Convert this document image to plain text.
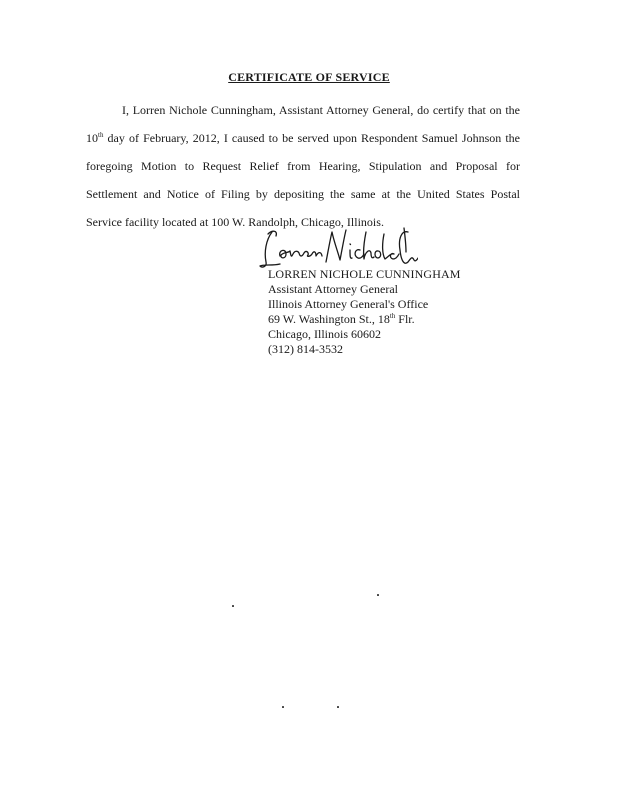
CERTIFICATE OF SERVICE

I, Lorren Nichole Cunningham, Assistant Attorney General, do certify that on the
10th day of February, 2012, I caused to be served upon Respondent Samuel Johnson the
foregoing Motion to Request Relief from Hearing, Stipulation and Proposal for
Settlement and Notice of Filing by depositing the same at the United States Postal
Service facility located at 100 W. Randolph, Chicago, Illinois.

LORREN NICHOLE CUNNINGHAM
Assistant Attorney General
Illinois Attorney General's Office
69 W. Washington St., 18th Flr.
Chicago, Illinois 60602
(312) 814-3532
